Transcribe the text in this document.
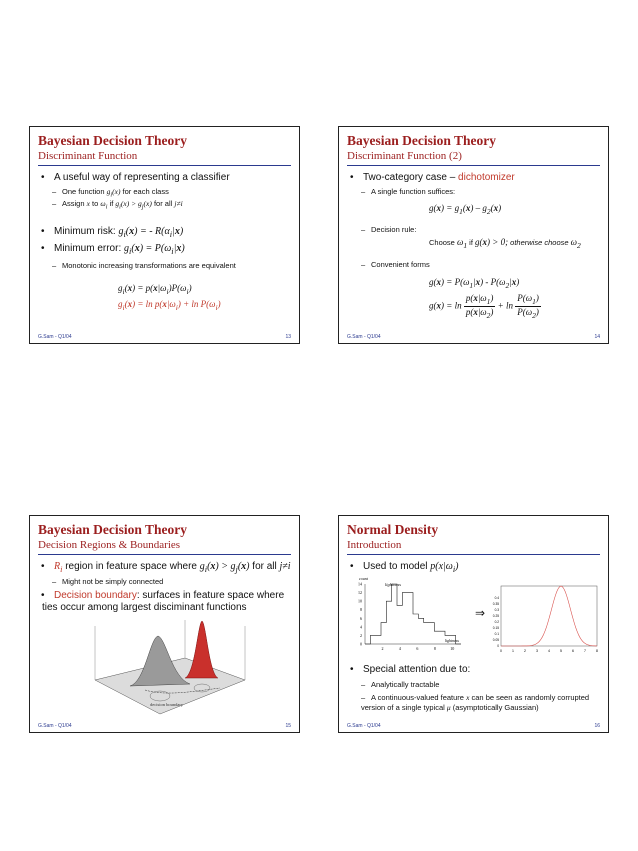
Bayesian Decision Theory
Discriminant Function
• A useful way of representing a classifier
– One function $g_i(x)$ for each class
– Assign x to $\omega_i$ if $g_i(x) > g_j(x)$ for all j≠i
• Minimum risk: $g_i(x)$ = - $R(\alpha_i|x)$
• Minimum error: $g_i(x) = P(\omega_i|x)$
– Monotonic increasing transformations are equivalent
$g_i(x) = p(x|\omega_i)P(\omega_i)$
$g_i(x) = \ln p(x|\omega_i) + \ln P(\omega_i)$
G.Sam - Q1/04	13
Bayesian Decision Theory
Discriminant Function (2)
• Two-category case – dichotomizer
– A single function suffices:
$g(x) = g_1(x) - g_2(x)$
– Decision rule:
Choose $\omega_1$ if g(x) > 0; otherwise choose $\omega_2$
– Convenient forms
$g(x) = P(\omega_1|x) - P(\omega_2|x)$
$g(x) = \ln \frac{p(x|\omega_1)}{p(x|\omega_2)} + \ln \frac{P(\omega_1)}{P(\omega_2)}$
G.Sam - Q1/04	14
Bayesian Decision Theory
Decision Regions & Boundaries
• $R_i$ region in feature space where $g_i(x) > g_j(x)$ for all j≠i
– Might not be simply connected
• Decision boundary: surfaces in feature space where ties occur among largest disciminant functions
decision boundary
G.Sam - Q1/04	15
Normal Density
Introduction
• Used to model $p(x|\omega_i)$
0
2
4
6
8
10
12
14
2	4	6	8	10
count
lightness
lightness
⇒
0	1	2	3	4	5	6	7	8
0
0.05
0.1
0.15
0.2
0.25
0.3
0.35
0.4
• Special attention due to:
– Analytically tractable
– A continuous-valued feature x can be seen as randomly corrupted version of a single typical μ (asymptotically Gaussian)
G.Sam - Q1/04	16
